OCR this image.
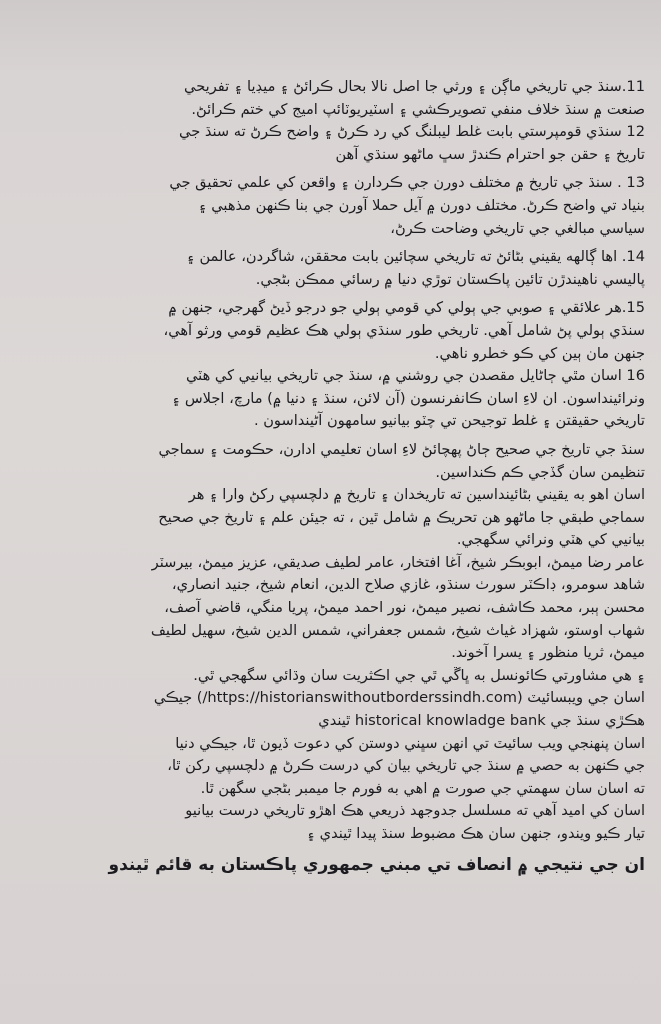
11.سنڌ جي تاريخي ماڳن ۽ ورثي جا اصل نالا بحال ڪرائڻ ۽ ميڊيا ۽ تفريحي
صنعت ۾ سنڌ خلاف منفي تصويرڪشي ۽ اسٽيريوٽائپ اميج کي ختم ڪرائڻ.
12 سنڌي قومپرستي بابت غلط ليبلنگ کي رد ڪرڻ ۽ واضح ڪرڻ ته سنڌ جي
تاريخ ۽ حقن جو احترام ڪندڙ سڀ ماڻهو سنڌي آهن
13 . سنڌ جي تاريخ ۾ مختلف دورن جي ڪردارن ۽ واقعن کي علمي تحقيق جي
بنياد تي واضح ڪرڻ. مختلف دورن ۾ آيل حملا آورن جي بنا ڪنهن مذهبي ۽
سياسي مبالغي جي تاريخي وضاحت ڪرڻ،
14. اها ڳالهه يقيني بڻائڻ ته تاريخي سچائين بابت محققن، شاگردن، عالمن ۽
پاليسي ناهيندڙن تائين پاڪستان توڙي دنيا ۾ رسائي ممڪن بڻجي.
15.هر علائقي ۽ صوبي جي ٻولي کي قومي ٻولي جو درجو ڏيڻ گهرجي، جنهن ۾
سنڌي ٻولي پڻ شامل آهي. تاريخي طور سنڌي ٻولي هڪ عظيم قومي ورثو آهي،
جنهن مان ٻين کي ڪو خطرو ناهي.
16 اسان مٿي ڄاڻايل مقصدن جي روشني ۾، سنڌ جي تاريخي بيانيي کي هٽي
ونرائينداسون. ان لاءِ اسان ڪانفرنسون (آن لائن، سنڌ ۽ دنيا ۾) مارچ، اجلاس ۽
تاريخي حقيقتن ۽ غلط توجيحن تي چٽو بيانيو سامهون آڻينداسون .
سنڌ جي تاريخ جي صحيح ڄاڻ پهچائڻ لاءِ اسان تعليمي ادارن، حڪومت ۽ سماجي
تنظيمن سان گڏجي ڪم ڪنداسين.
اسان اهو به يقيني بڻائينداسين ته تاريخدان ۽ تاريخ ۾ دلچسپي رکڻ وارا ۽ هر
سماجي طبقي جا ماڻهو هن تحريڪ ۾ شامل ٿين ، ته جيئن علم ۽ تاريخ جي صحيح
بيانيي کي هٽي ونرائي سگهجي.
عامر رضا ميمڻ، ابوبڪر شيخ، آغا افتخار، عامر لطيف صديقي، عزيز ميمڻ، بيرسٽر
شاهد سومرو، ڊاڪٽر سورٺ سنڌو، غازي صلاح الدين، انعام شيخ، جنيد انصاري،
محسن ٻبر، محمد ڪاشف، نصير ميمڻ، نور احمد ميمڻ، پريا منگي، قاضي آصف،
شهاب اوستو، شهزاد غياث شيخ، شمس جعفراني، شمس الدين شيخ، سهيل لطيف
ميمڻ، ثريا منظور ۽ يسرا آخوند.
۽ هي مشاورتي ڪائونسل به ڀاڱي ٿي جي اڪثريت سان وڌائي سگهجي ٿي.
اسان جي ويبسائيٽ (https://historianswithoutborderssindh.com/) جيڪي
هڪڙي سنڌ جي historical knowladge bank ٿيندي
اسان پنهنجي ويب سائيٽ تي انهن سڀني دوستن کي دعوت ڏيون ٿا، جيڪي دنيا
جي ڪنهن به حصي ۾ سنڌ جي تاريخي بيان کي درست ڪرڻ ۾ دلچسپي رکن ٿا،
ته اسان سان سهمتي جي صورت ۾ اهي به فورم جا ميمبر بڻجي سگهن ٿا.
اسان کي اميد آهي ته مسلسل جدوجهد ذريعي هڪ اهڙو تاريخي درست بيانيو
تيار ڪيو ويندو، جنهن سان هڪ مضبوط سنڌ پيدا ٿيندي ۽
ان جي نتيجي ۾ انصاف تي مبني جمهوري پاڪستان به قائم ٿيندو
